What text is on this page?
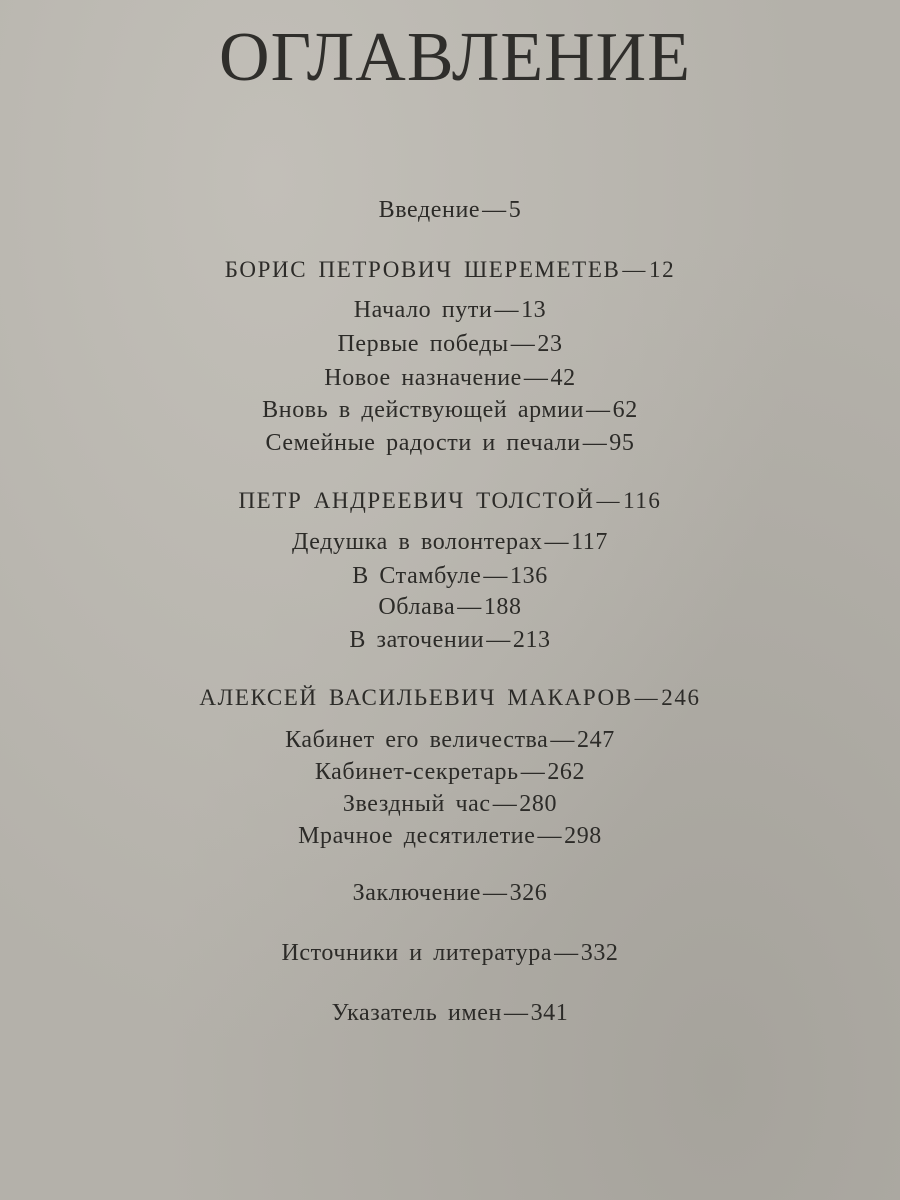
ОГЛАВЛЕНИЕ
Введение—5
БОРИС ПЕТРОВИЧ ШЕРЕМЕТЕВ—12
Начало пути—13
Первые победы—23
Новое назначение—42
Вновь в действующей армии—62
Семейные радости и печали—95
ПЕТР АНДРЕЕВИЧ ТОЛСТОЙ—116
Дедушка в волонтерах—117
В Стамбуле—136
Облава—188
В заточении—213
АЛЕКСЕЙ ВАСИЛЬЕВИЧ МАКАРОВ—246
Кабинет его величества—247
Кабинет-секретарь—262
Звездный час—280
Мрачное десятилетие—298
Заключение—326
Источники и литература—332
Указатель имен—341
